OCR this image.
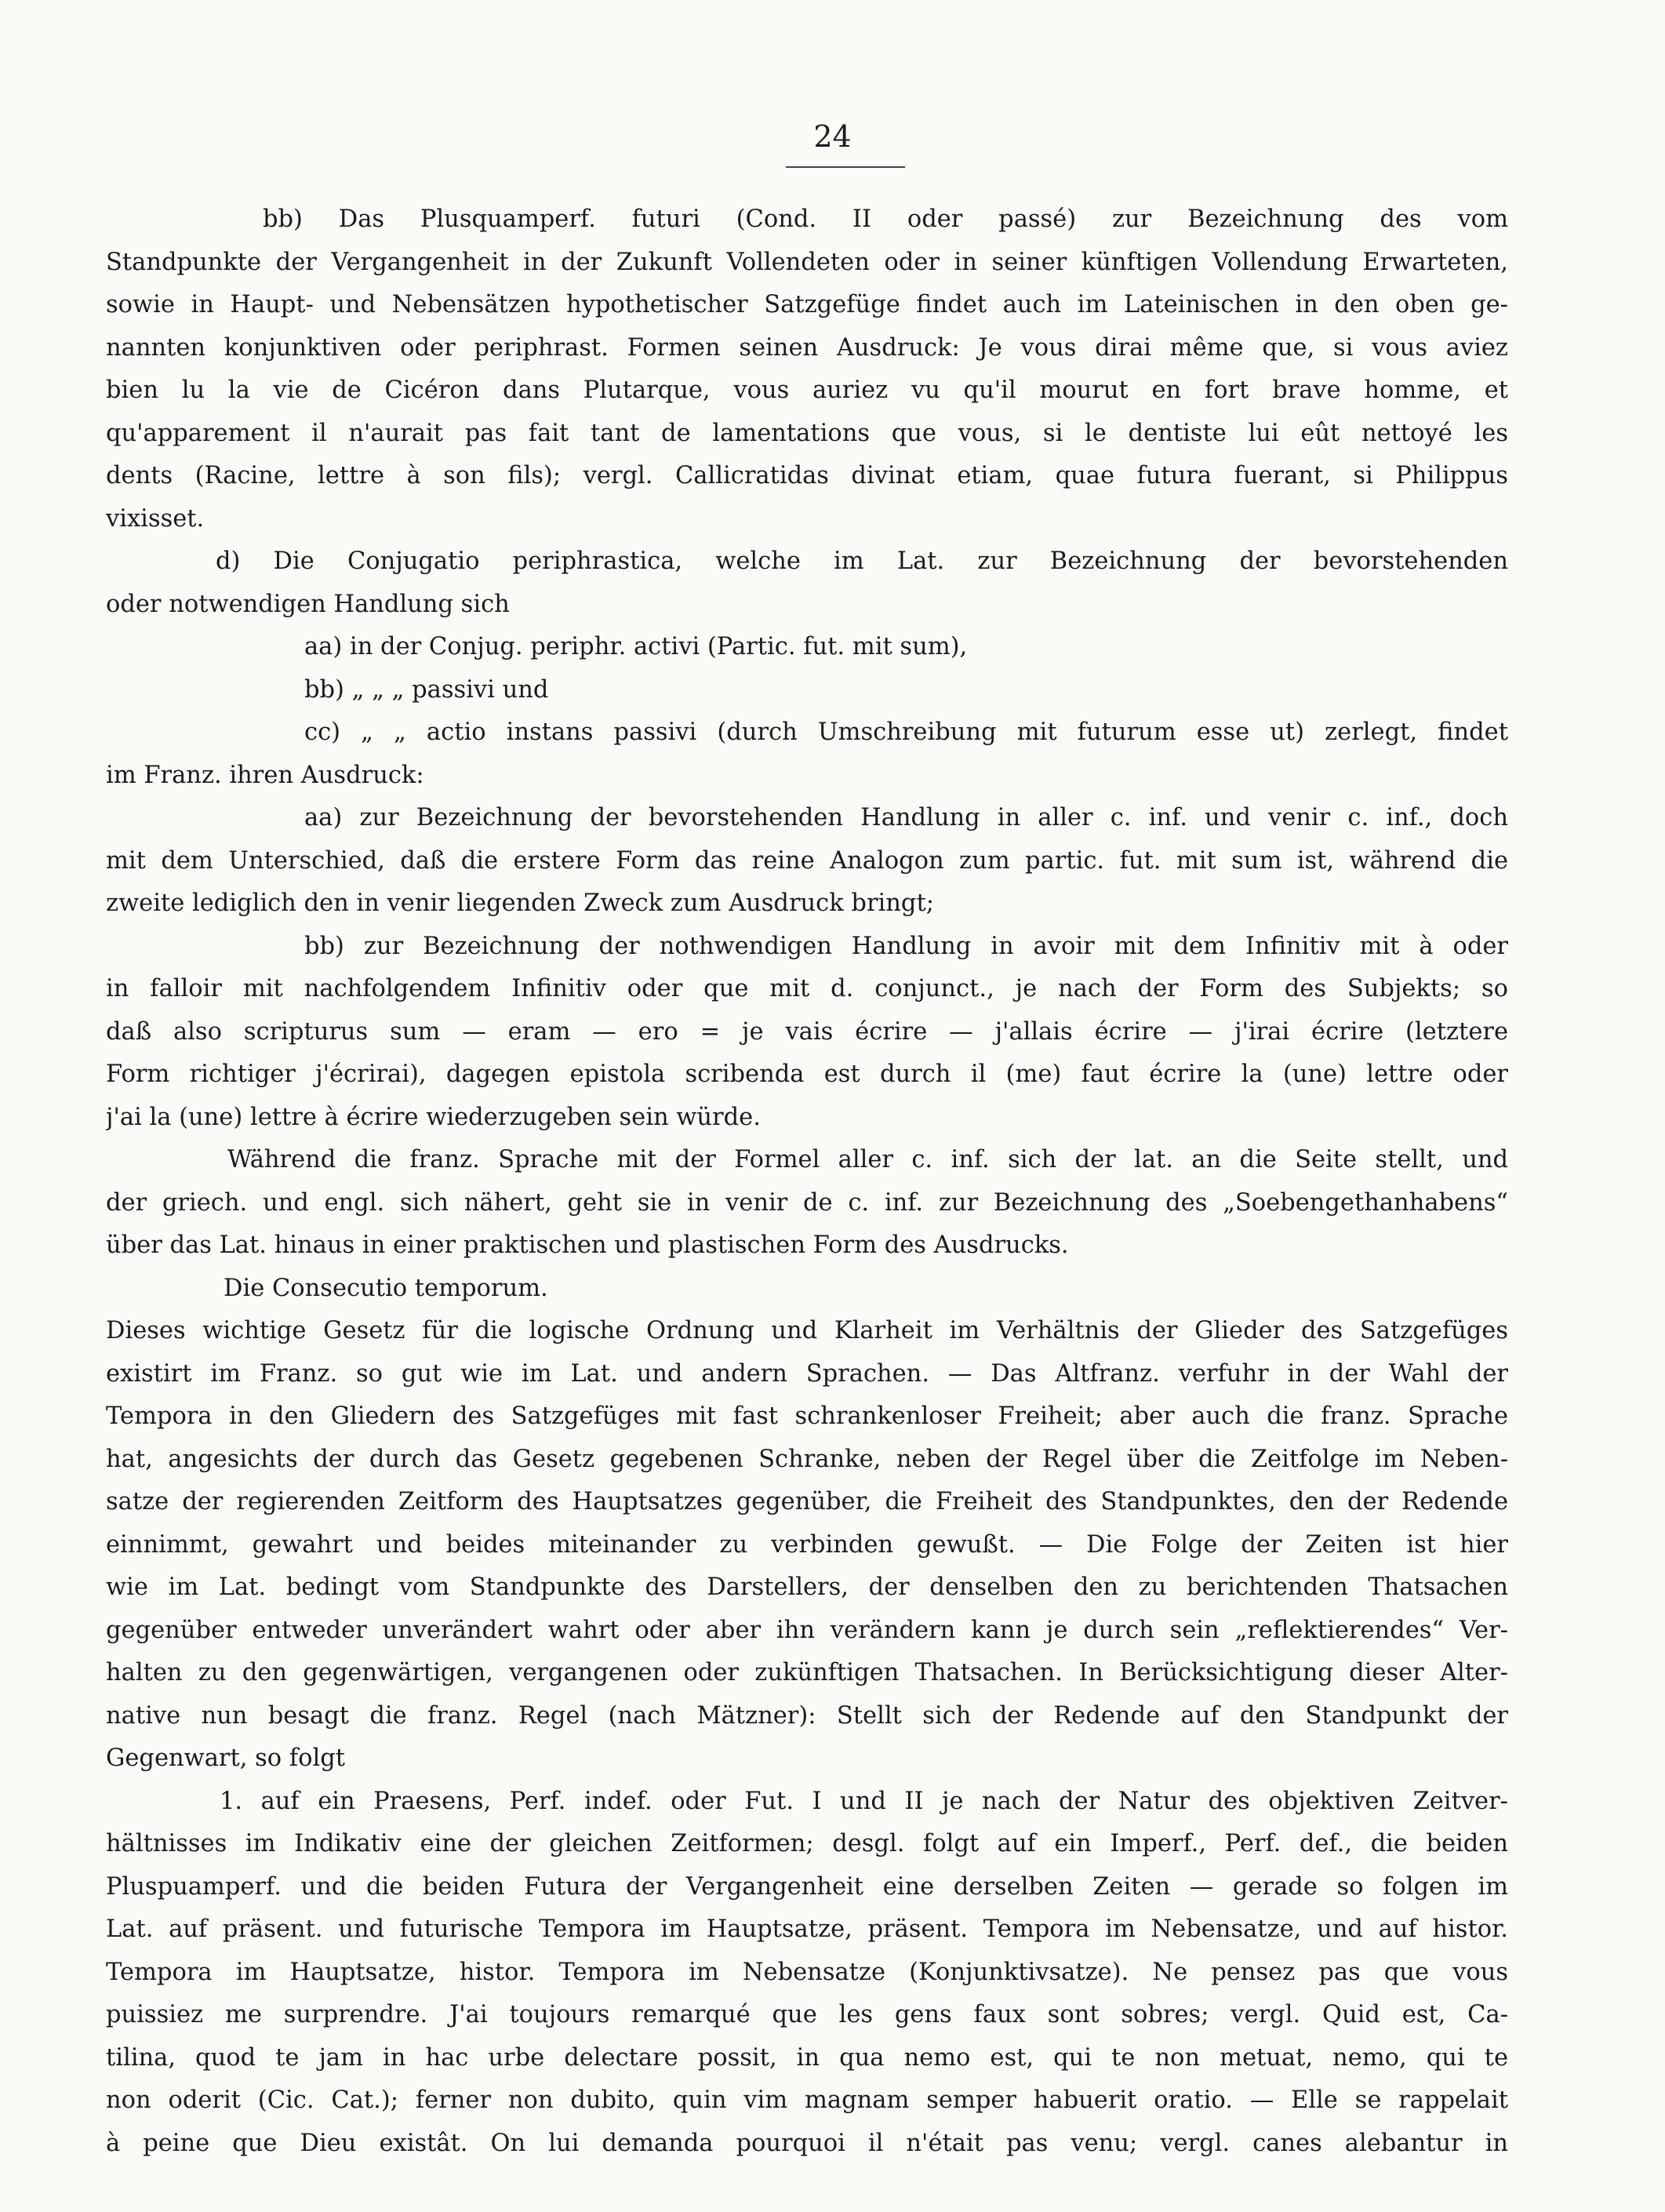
24
bb) Das Plusquamperf. futuri (Cond. II oder passé) zur Bezeichnung des vom
Standpunkte der Vergangenheit in der Zukunft Vollendeten oder in seiner künftigen Vollendung Erwarteten,
sowie in Haupt- und Nebensätzen hypothetischer Satzgefüge findet auch im Lateinischen in den oben ge-
nannten konjunktiven oder periphrast. Formen seinen Ausdruck: Je vous dirai même que, si vous aviez
bien lu la vie de Cicéron dans Plutarque, vous auriez vu qu'il mourut en fort brave homme, et
qu'apparement il n'aurait pas fait tant de lamentations que vous, si le dentiste lui eût nettoyé les
dents (Racine, lettre à son fils); vergl. Callicratidas divinat etiam, quae futura fuerant, si Philippus
vixisset.
d) Die Conjugatio periphrastica, welche im Lat. zur Bezeichnung der bevorstehenden
oder notwendigen Handlung sich
aa) in der Conjug. periphr. activi (Partic. fut. mit sum),
bb) „ „ „ passivi und
cc) „ „ actio instans passivi (durch Umschreibung mit futurum esse ut) zerlegt, findet
im Franz. ihren Ausdruck:
aa) zur Bezeichnung der bevorstehenden Handlung in aller c. inf. und venir c. inf., doch
mit dem Unterschied, daß die erstere Form das reine Analogon zum partic. fut. mit sum ist, während die
zweite lediglich den in venir liegenden Zweck zum Ausdruck bringt;
bb) zur Bezeichnung der nothwendigen Handlung in avoir mit dem Infinitiv mit à oder
in falloir mit nachfolgendem Infinitiv oder que mit d. conjunct., je nach der Form des Subjekts; so
daß also scripturus sum — eram — ero = je vais écrire — j'allais écrire — j'irai écrire (letztere
Form richtiger j'écrirai), dagegen epistola scribenda est durch il (me) faut écrire la (une) lettre oder
j'ai la (une) lettre à écrire wiederzugeben sein würde.
Während die franz. Sprache mit der Formel aller c. inf. sich der lat. an die Seite stellt, und
der griech. und engl. sich nähert, geht sie in venir de c. inf. zur Bezeichnung des „Soebengethanhabens“
über das Lat. hinaus in einer praktischen und plastischen Form des Ausdrucks.
Die Consecutio temporum.
Dieses wichtige Gesetz für die logische Ordnung und Klarheit im Verhältnis der Glieder des Satzgefüges
existirt im Franz. so gut wie im Lat. und andern Sprachen. — Das Altfranz. verfuhr in der Wahl der
Tempora in den Gliedern des Satzgefüges mit fast schrankenloser Freiheit; aber auch die franz. Sprache
hat, angesichts der durch das Gesetz gegebenen Schranke, neben der Regel über die Zeitfolge im Neben-
satze der regierenden Zeitform des Hauptsatzes gegenüber, die Freiheit des Standpunktes, den der Redende
einnimmt, gewahrt und beides miteinander zu verbinden gewußt. — Die Folge der Zeiten ist hier
wie im Lat. bedingt vom Standpunkte des Darstellers, der denselben den zu berichtenden Thatsachen
gegenüber entweder unverändert wahrt oder aber ihn verändern kann je durch sein „reflektierendes“ Ver-
halten zu den gegenwärtigen, vergangenen oder zukünftigen Thatsachen. In Berücksichtigung dieser Alter-
native nun besagt die franz. Regel (nach Mätzner): Stellt sich der Redende auf den Standpunkt der
Gegenwart, so folgt
1. auf ein Praesens, Perf. indef. oder Fut. I und II je nach der Natur des objektiven Zeitver-
hältnisses im Indikativ eine der gleichen Zeitformen; desgl. folgt auf ein Imperf., Perf. def., die beiden
Pluspuamperf. und die beiden Futura der Vergangenheit eine derselben Zeiten — gerade so folgen im
Lat. auf präsent. und futurische Tempora im Hauptsatze, präsent. Tempora im Nebensatze, und auf histor.
Tempora im Hauptsatze, histor. Tempora im Nebensatze (Konjunktivsatze). Ne pensez pas que vous
puissiez me surprendre. J'ai toujours remarqué que les gens faux sont sobres; vergl. Quid est, Ca-
tilina, quod te jam in hac urbe delectare possit, in qua nemo est, qui te non metuat, nemo, qui te
non oderit (Cic. Cat.); ferner non dubito, quin vim magnam semper habuerit oratio. — Elle se rappelait
à peine que Dieu existât. On lui demanda pourquoi il n'était pas venu; vergl. canes alebantur in
